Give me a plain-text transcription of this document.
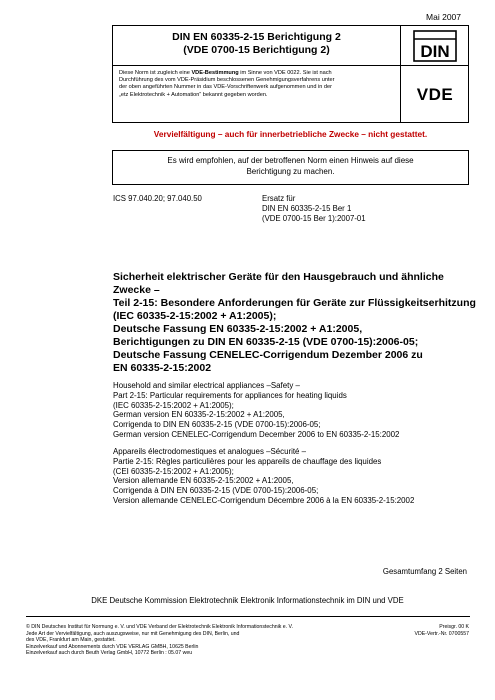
Mai 2007
DIN EN 60335-2-15 Berichtigung 2
(VDE 0700-15 Berichtigung 2)	DIN
Diese Norm ist zugleich eine VDE-Bestimmung im Sinne von VDE 0022. Sie ist nach
Durchführung des vom VDE-Präsidium beschlossenen Genehmigungsverfahrens unter
der oben angeführten Nummer in das VDE-Vorschriftenwerk aufgenommen und in der
„etz Elektrotechnik + Automation“ bekannt gegeben worden.	VDE
Vervielfältigung – auch für innerbetriebliche Zwecke – nicht gestattet.
Es wird empfohlen, auf der betroffenen Norm einen Hinweis auf diese
Berichtigung zu machen.
ICS 97.040.20; 97.040.50	Ersatz für
DIN EN 60335-2-15 Ber 1
(VDE 0700-15 Ber 1):2007-01
Sicherheit elektrischer Geräte für den Hausgebrauch und ähnliche
Zwecke –
Teil 2-15: Besondere Anforderungen für Geräte zur Flüssigkeitserhitzung
(IEC 60335-2-15:2002 + A1:2005);
Deutsche Fassung EN 60335-2-15:2002 + A1:2005,
Berichtigungen zu DIN EN 60335-2-15 (VDE 0700-15):2006-05;
Deutsche Fassung CENELEC-Corrigendum Dezember 2006 zu
EN 60335-2-15:2002
Household and similar electrical appliances –Safety –
Part 2-15: Particular requirements for appliances for heating liquids
(IEC 60335-2-15:2002 + A1:2005);
German version EN 60335-2-15:2002 + A1:2005,
Corrigenda to DIN EN 60335-2-15 (VDE 0700-15):2006-05;
German version CENELEC-Corrigendum December 2006 to EN 60335-2-15:2002
Appareils électrodomestiques et analogues –Sécurité –
Partie 2-15: Règles particulières pour les appareils de chauffage des liquides
(CEI 60335-2-15:2002 + A1:2005);
Version allemande EN 60335-2-15:2002 + A1:2005,
Corrigenda à DIN EN 60335-2-15 (VDE 0700-15):2006-05;
Version allemande CENELEC-Corrigendum Décembre 2006 à la EN 60335-2-15:2002
Gesamtumfang 2 Seiten
DKE Deutsche Kommission Elektrotechnik Elektronik Informationstechnik im DIN und VDE
© DIN Deutsches Institut für Normung e. V. und VDE Verband der Elektrotechnik Elektronik Informationstechnik e. V.
Jede Art der Vervielfältigung, auch auszugsweise, nur mit Genehmigung des DIN, Berlin, und
des VDE, Frankfurt am Main, gestattet.
Einzelverkauf und Abonnements durch VDE VERLAG GMBH, 10625 Berlin
Einzelverkauf auch durch Beuth Verlag GmbH, 10772 Berlin : 05.07 weu
Preisgr. 00 K
VDE-Vertr.-Nr. 0700557
